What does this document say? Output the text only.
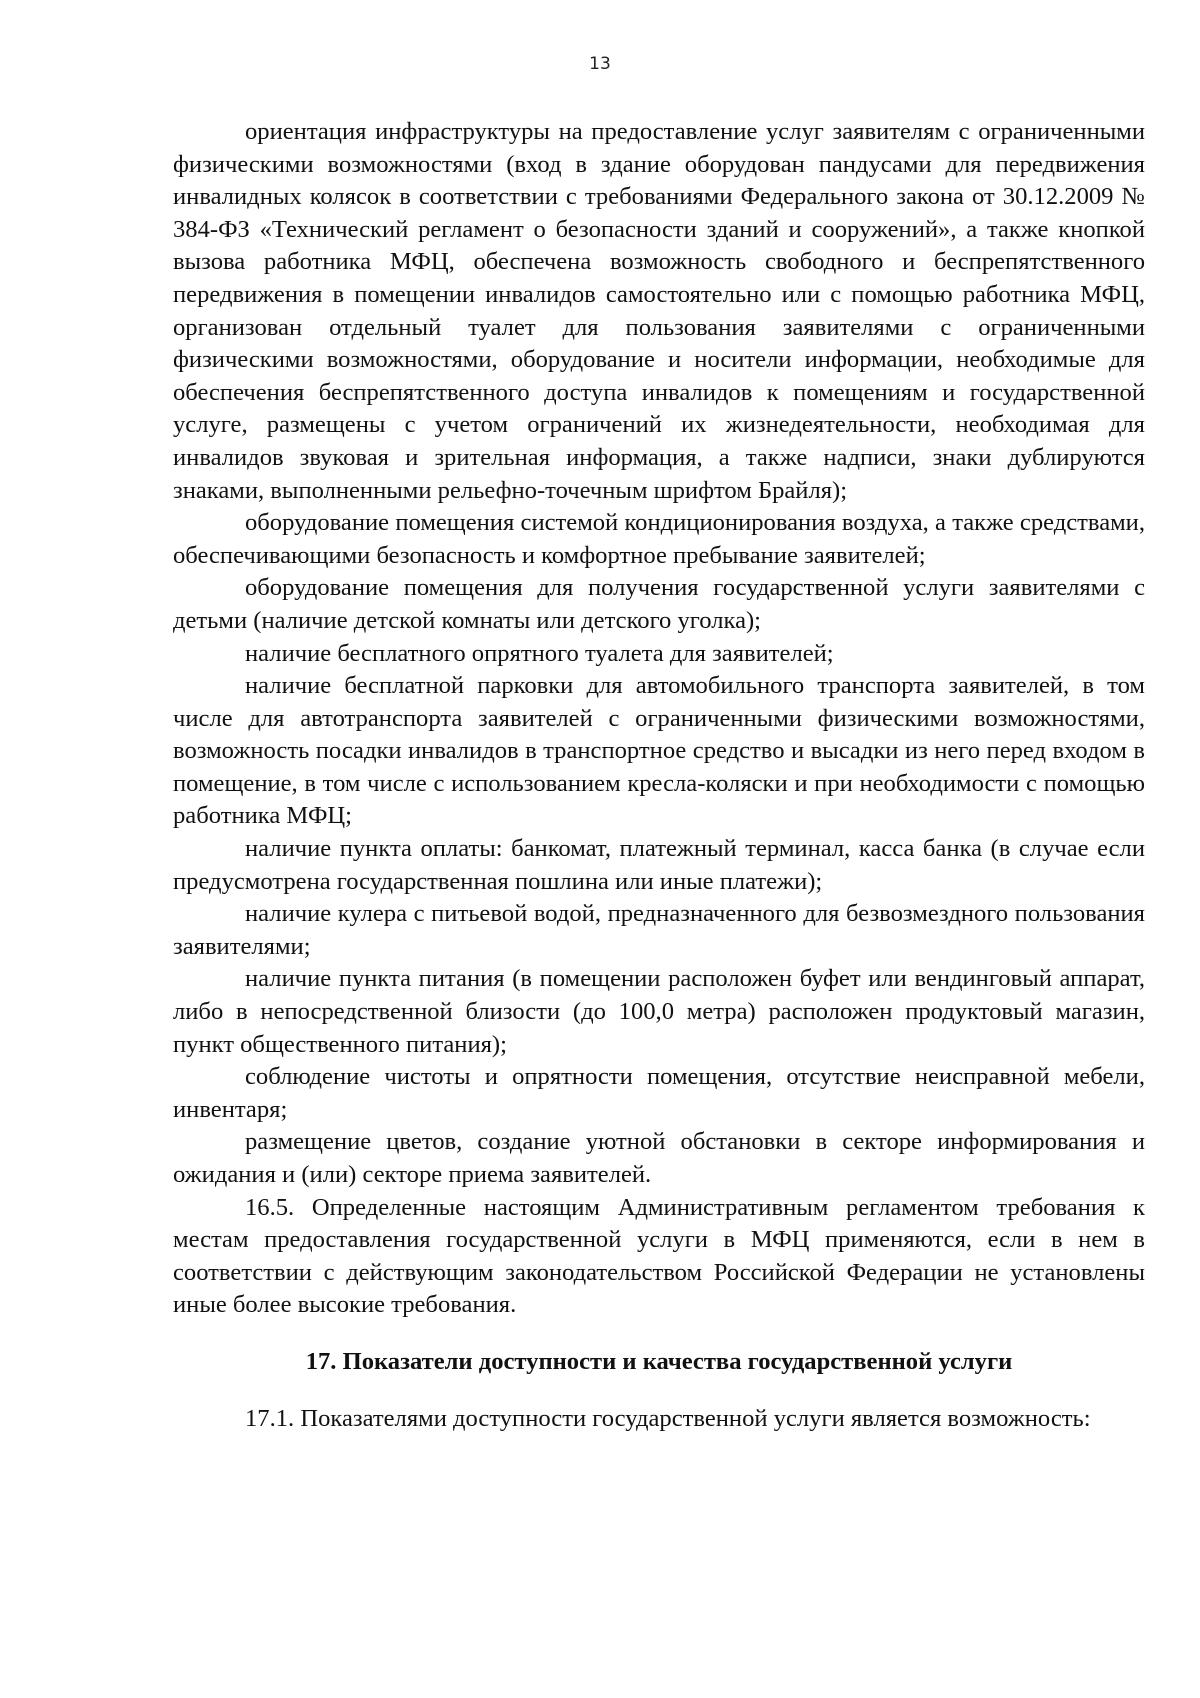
13

ориентация инфраструктуры на предоставление услуг заявителям с ограниченными физическими возможностями (вход в здание оборудован пандусами для передвижения инвалидных колясок в соответствии с требованиями Федерального закона от 30.12.2009 № 384-ФЗ «Технический регламент о безопасности зданий и сооружений», а также кнопкой вызова работника МФЦ, обеспечена возможность свободного и беспрепятственного передвижения в помещении инвалидов самостоятельно или с помощью работника МФЦ, организован отдельный туалет для пользования заявителями с ограниченными физическими возможностями, оборудование и носители информации, необходимые для обеспечения беспрепятственного доступа инвалидов к помещениям и государственной услуге, размещены с учетом ограничений их жизнедеятельности, необходимая для инвалидов звуковая и зрительная информация, а также надписи, знаки дублируются знаками, выполненными рельефно-точечным шрифтом Брайля);

оборудование помещения системой кондиционирования воздуха, а также средствами, обеспечивающими безопасность и комфортное пребывание заявителей;

оборудование помещения для получения государственной услуги заявителями с детьми (наличие детской комнаты или детского уголка);

наличие бесплатного опрятного туалета для заявителей;

наличие бесплатной парковки для автомобильного транспорта заявителей, в том числе для автотранспорта заявителей с ограниченными физическими возможностями, возможность посадки инвалидов в транспортное средство и высадки из него перед входом в помещение, в том числе с использованием кресла-коляски и при необходимости с помощью работника МФЦ;

наличие пункта оплаты: банкомат, платежный терминал, касса банка (в случае если предусмотрена государственная пошлина или иные платежи);

наличие кулера с питьевой водой, предназначенного для безвозмездного пользования заявителями;

наличие пункта питания (в помещении расположен буфет или вендинговый аппарат, либо в непосредственной близости (до 100,0 метра) расположен продуктовый магазин, пункт общественного питания);

соблюдение чистоты и опрятности помещения, отсутствие неисправной мебели, инвентаря;

размещение цветов, создание уютной обстановки в секторе информирования и ожидания и (или) секторе приема заявителей.

16.5. Определенные настоящим Административным регламентом требования к местам предоставления государственной услуги в МФЦ применяются, если в нем в соответствии с действующим законодательством Российской Федерации не установлены иные более высокие требования.

17. Показатели доступности и качества государственной услуги

17.1. Показателями доступности государственной услуги является возможность:
